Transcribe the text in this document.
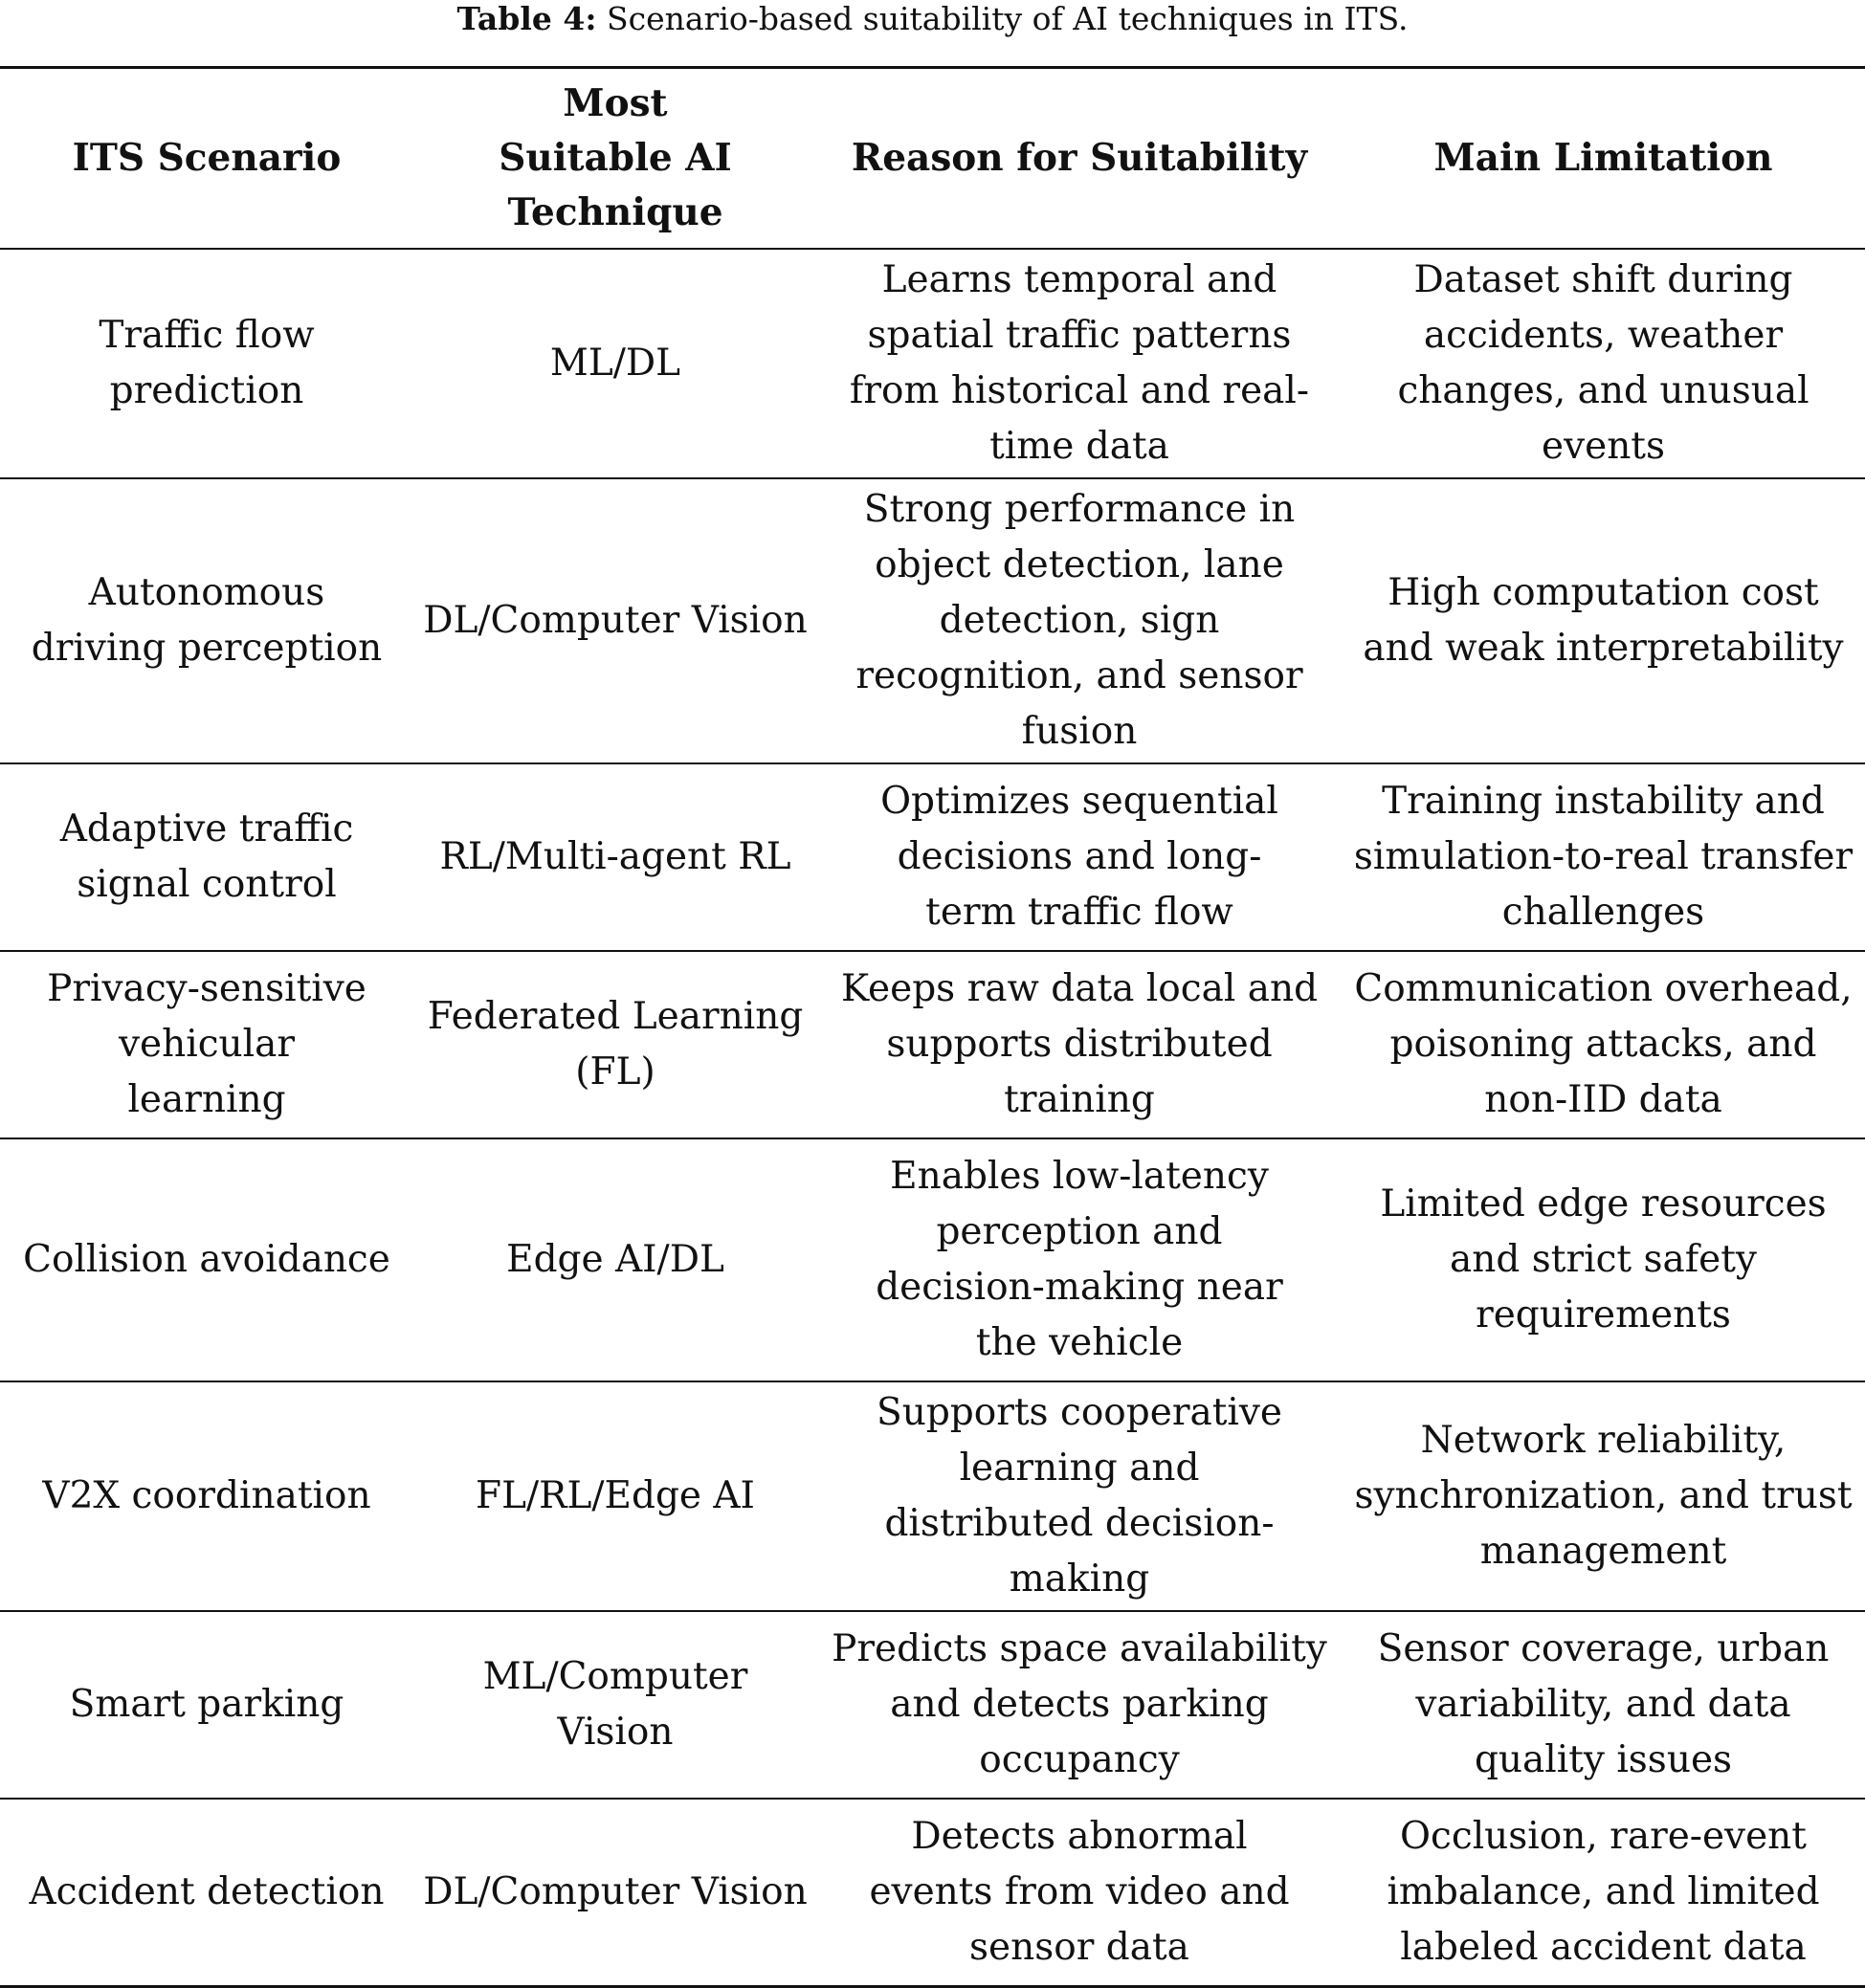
Table 4: Scenario-based suitability of AI techniques in ITS.
ITS Scenario	Most Suitable AI Technique	Reason for Suitability	Main Limitation
Traffic flow prediction	ML/DL	Learns temporal and spatial traffic patterns from historical and real-time data	Dataset shift during accidents, weather changes, and unusual events
Autonomous driving perception	DL/Computer Vision	Strong performance in object detection, lane detection, sign recognition, and sensor fusion	High computation cost and weak interpretability
Adaptive traffic signal control	RL/Multi-agent RL	Optimizes sequential decisions and long-term traffic flow	Training instability and simulation-to-real transfer challenges
Privacy-sensitive vehicular learning	Federated Learning (FL)	Keeps raw data local and supports distributed training	Communication overhead, poisoning attacks, and non-IID data
Collision avoidance	Edge AI/DL	Enables low-latency perception and decision-making near the vehicle	Limited edge resources and strict safety requirements
V2X coordination	FL/RL/Edge AI	Supports cooperative learning and distributed decision-making	Network reliability, synchronization, and trust management
Smart parking	ML/Computer Vision	Predicts space availability and detects parking occupancy	Sensor coverage, urban variability, and data quality issues
Accident detection	DL/Computer Vision	Detects abnormal events from video and sensor data	Occlusion, rare-event imbalance, and limited labeled accident data
